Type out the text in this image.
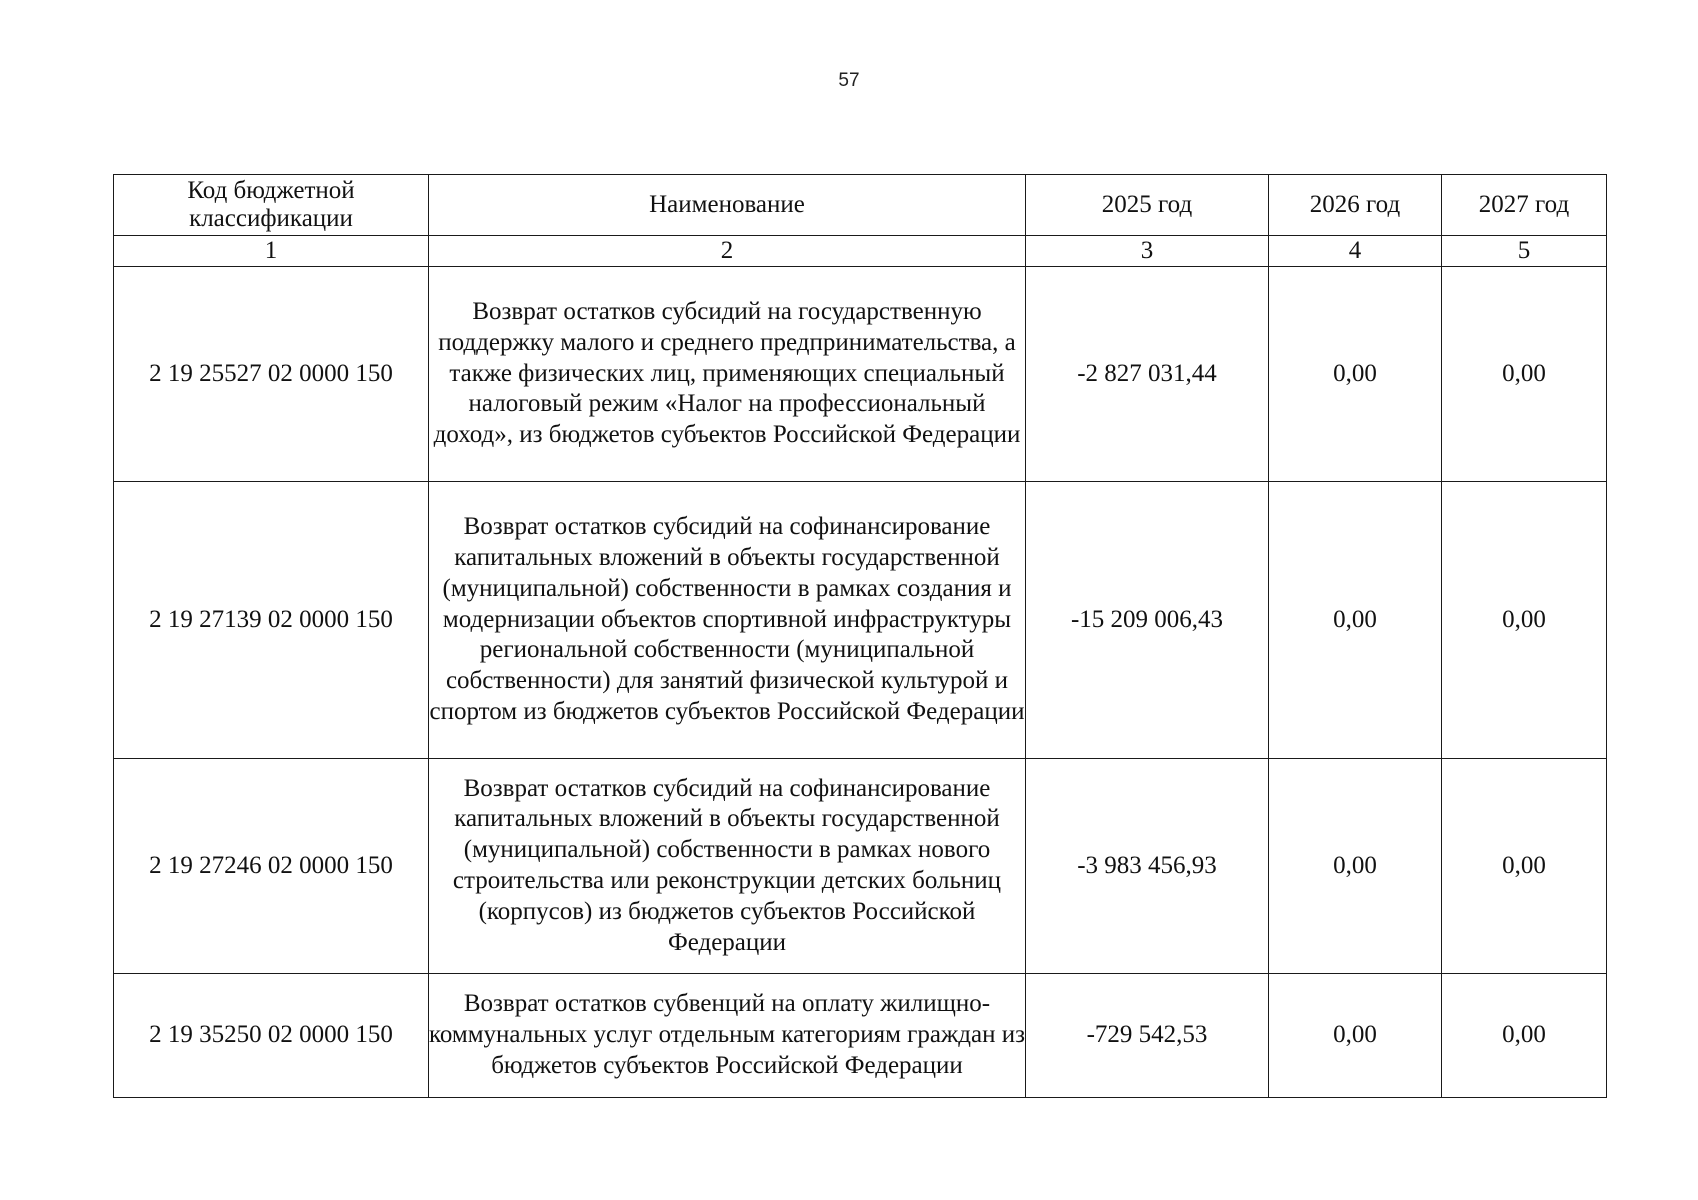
57
Код бюджетной классификации	Наименование	2025 год	2026 год	2027 год
1	2	3	4	5
2 19 25527 02 0000 150	Возврат остатков субсидий на государственную поддержку малого и среднего предпринимательства, а также физических лиц, применяющих специальный налоговый режим «Налог на профессиональный доход», из бюджетов субъектов Российской Федерации	-2 827 031,44	0,00	0,00
2 19 27139 02 0000 150	Возврат остатков субсидий на софинансирование капитальных вложений в объекты государственной (муниципальной) собственности в рамках создания и модернизации объектов спортивной инфраструктуры региональной собственности (муниципальной собственности) для занятий физической культурой и спортом из бюджетов субъектов Российской Федерации	-15 209 006,43	0,00	0,00
2 19 27246 02 0000 150	Возврат остатков субсидий на софинансирование капитальных вложений в объекты государственной (муниципальной) собственности в рамках нового строительства или реконструкции детских больниц (корпусов) из бюджетов субъектов Российской Федерации	-3 983 456,93	0,00	0,00
2 19 35250 02 0000 150	Возврат остатков субвенций на оплату жилищно-коммунальных услуг отдельным категориям граждан из бюджетов субъектов Российской Федерации	-729 542,53	0,00	0,00
